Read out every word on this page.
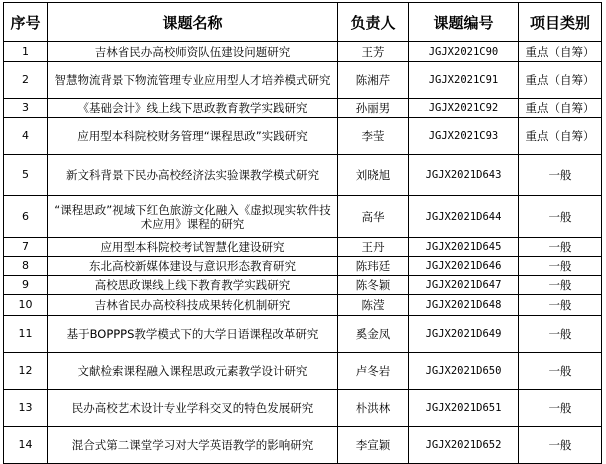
序号	课题名称	负责人	课题编号	项目类别
1	吉林省民办高校师资队伍建设问题研究	王芳	JGJX2021C90	重点（自筹）
2	智慧物流背景下物流管理专业应用型人才培养模式研究	陈湘芹	JGJX2021C91	重点（自筹）
3	《基础会计》线上线下思政教育教学实践研究	孙丽男	JGJX2021C92	重点（自筹）
4	应用型本科院校财务管理“课程思政”实践研究	李莹	JGJX2021C93	重点（自筹）
5	新文科背景下民办高校经济法实验课教学模式研究	刘晓旭	JGJX2021D643	一般
6	“课程思政”视域下红色旅游文化融入《虚拟现实软件技术应用》课程的研究	高华	JGJX2021D644	一般
7	应用型本科院校考试智慧化建设研究	王丹	JGJX2021D645	一般
8	东北高校新媒体建设与意识形态教育研究	陈玮廷	JGJX2021D646	一般
9	高校思政课线上线下教育教学实践研究	陈冬颖	JGJX2021D647	一般
10	吉林省民办高校科技成果转化机制研究	陈滢	JGJX2021D648	一般
11	基于BOPPPS教学模式下的大学日语课程改革研究	奚金凤	JGJX2021D649	一般
12	文献检索课程融入课程思政元素教学设计研究	卢冬岩	JGJX2021D650	一般
13	民办高校艺术设计专业学科交叉的特色发展研究	朴洪林	JGJX2021D651	一般
14	混合式第二课堂学习对大学英语教学的影响研究	李宣颖	JGJX2021D652	一般
